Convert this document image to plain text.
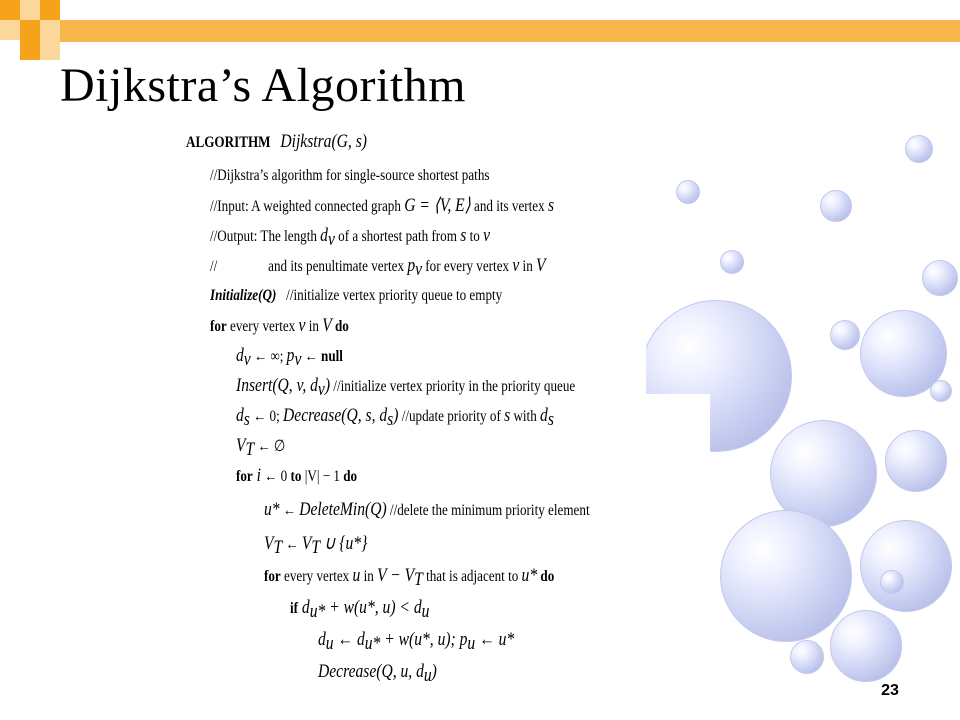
Dijkstra’s Algorithm
ALGORITHM Dijkstra(G, s)
//Dijkstra’s algorithm for single-source shortest paths
//Input: A weighted connected graph G = ⟨V, E⟩ and its vertex s
//Output: The length $d_v$ of a shortest path from s to v
//	and its penultimate vertex $p_v$ for every vertex v in V
Initialize(Q) //initialize vertex priority queue to empty
for every vertex v in V do
$d_v$ ← ∞; $p_v$ ← null
Insert(Q, v, $d_v$) //initialize vertex priority in the priority queue
$d_s$ ← 0; Decrease(Q, s, $d_s$) //update priority of s with $d_s$
$V_T$ ← ∅
for i ← 0 to |V| − 1 do
u* ← DeleteMin(Q) //delete the minimum priority element
$V_T$ ← $V_T$ ∪ {u*}
for every vertex u in $V - V_T$ that is adjacent to u* do
if $d_{u*} + w(u*$, $u) < d_u$
$d_u$ ← $d_{u*} + w(u*$, u); $p_u$ ← u*
Decrease(Q, u, $d_u$)
23
